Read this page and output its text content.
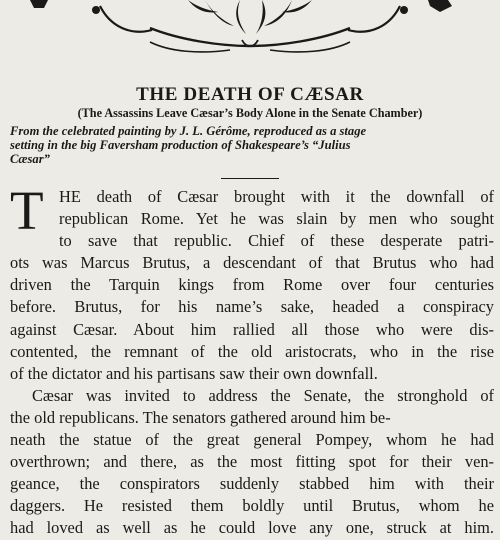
THE DEATH OF CÆSAR
(The Assassins Leave Cæsar’s Body Alone in the Senate Chamber)
From the celebrated painting by J. L. Gérôme, reproduced as a stage
setting in the big Faversham production of Shakespeare’s “Julius
Cæsar”
T HE death of Cæsar brought with it the downfall of
republican Rome. Yet he was slain by men who sought
to save that republic. Chief of these desperate patri-
ots was Marcus Brutus, a descendant of that Brutus who had
driven the Tarquin kings from Rome over four centuries
before. Brutus, for his name’s sake, headed a conspiracy
against Cæsar. About him rallied all those who were dis-
contented, the remnant of the old aristocrats, who in the rise
of the dictator and his partisans saw their own downfall.
Cæsar was invited to address the Senate, the stronghold of
the old republicans. The senators gathered around him be-
neath the statue of the great general Pompey, whom he had
overthrown; and there, as the most fitting spot for their ven-
geance, the conspirators suddenly stabbed him with their
daggers. He resisted them boldly until Brutus, whom he
had loved as well as he could love any one, struck at him.
